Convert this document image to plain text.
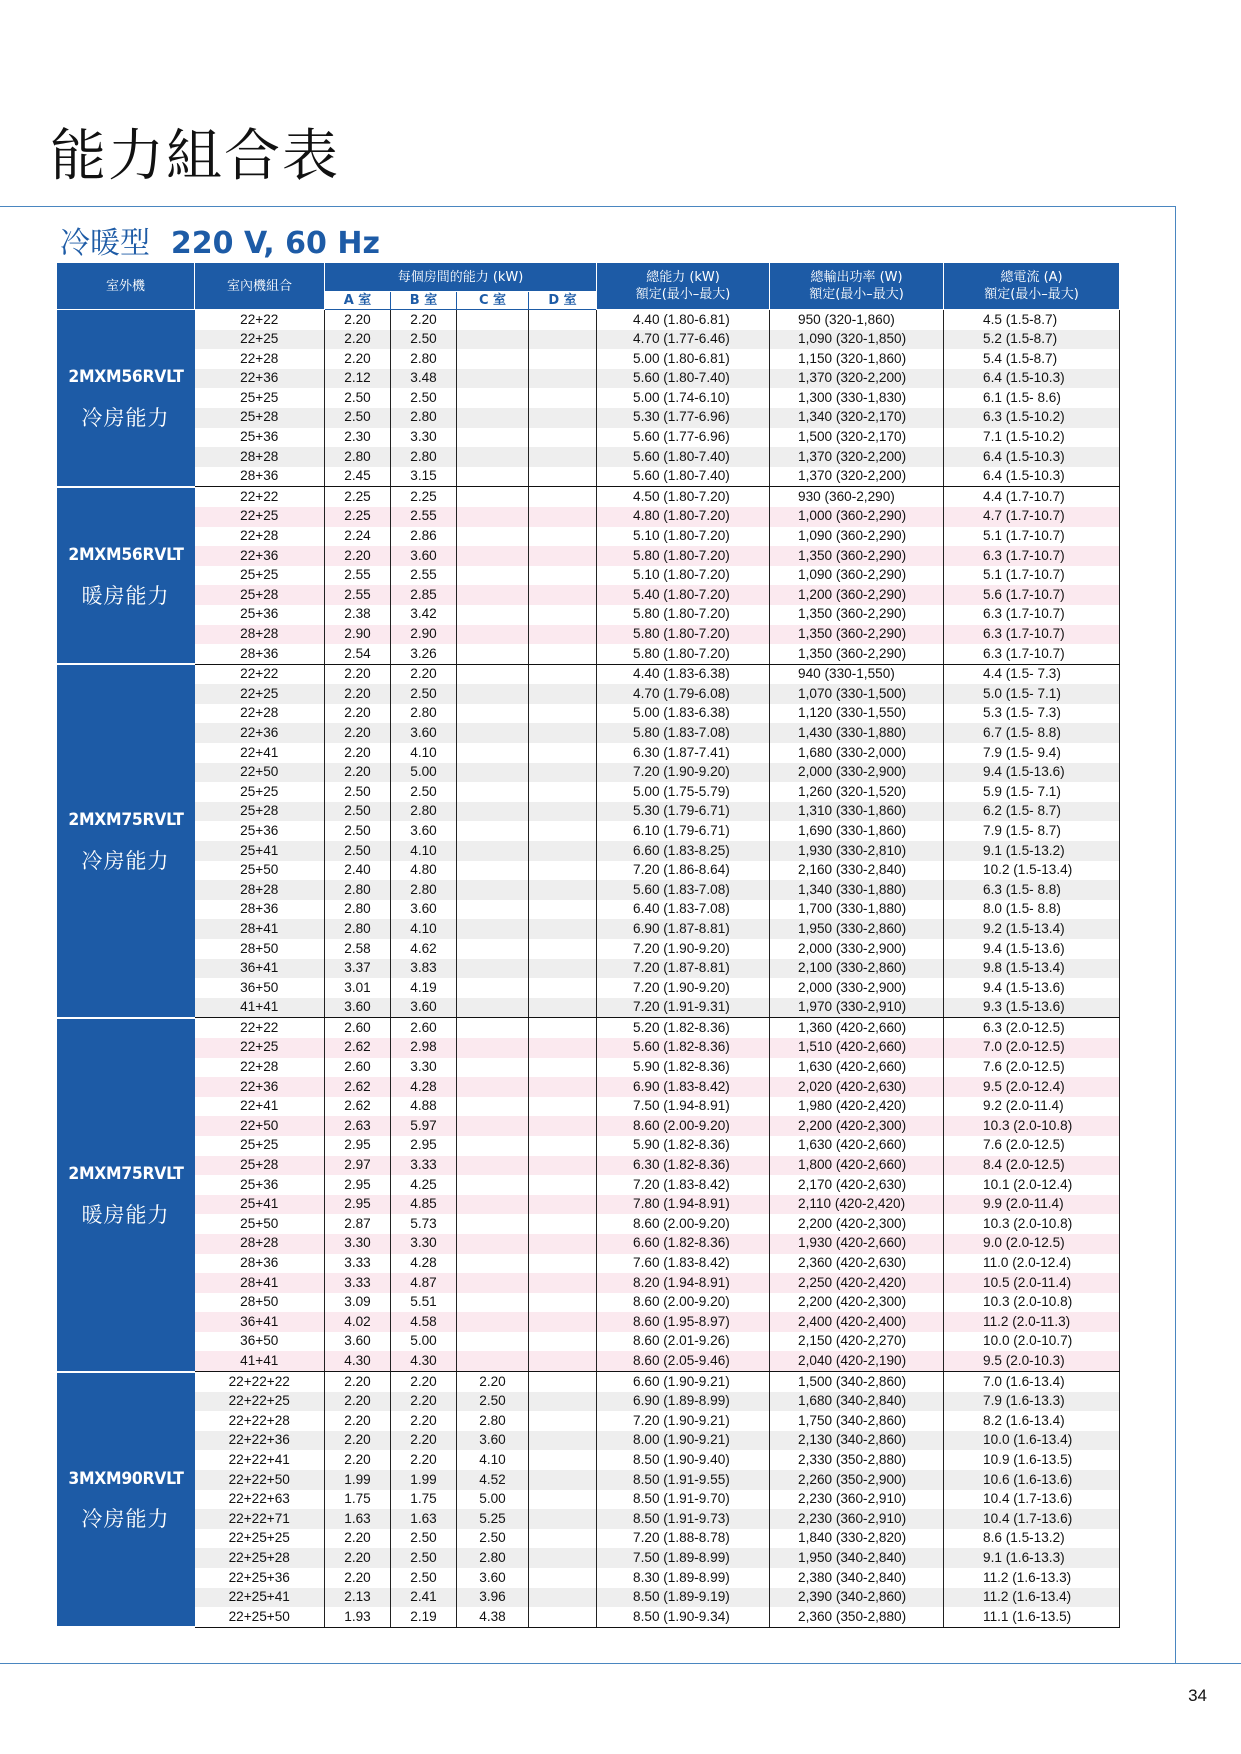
能力組合表
冷暖型 220 V, 60 Hz
室外機	室內機組合	每個房間的能力 (kW)				總能力 (kW)
額定(最小–最大)	總輸出功率 (W)
額定(最小–最大)	總電流 (A)
額定(最小–最大)
		A 室	B 室	C 室	D 室			

2MXM56RVLT
冷房能力	22+22	2.20	2.20			4.40 (1.80-6.81)	950 (320-1,860)	4.5 (1.5-8.7)
	22+25	2.20	2.50			4.70 (1.77-6.46)	1,090 (320-1,850)	5.2 (1.5-8.7)
	22+28	2.20	2.80			5.00 (1.80-6.81)	1,150 (320-1,860)	5.4 (1.5-8.7)
	22+36	2.12	3.48			5.60 (1.80-7.40)	1,370 (320-2,200)	6.4 (1.5-10.3)
	25+25	2.50	2.50			5.00 (1.74-6.10)	1,300 (330-1,830)	6.1 (1.5- 8.6)
	25+28	2.50	2.80			5.30 (1.77-6.96)	1,340 (320-2,170)	6.3 (1.5-10.2)
	25+36	2.30	3.30			5.60 (1.77-6.96)	1,500 (320-2,170)	7.1 (1.5-10.2)
	28+28	2.80	2.80			5.60 (1.80-7.40)	1,370 (320-2,200)	6.4 (1.5-10.3)
	28+36	2.45	3.15			5.60 (1.80-7.40)	1,370 (320-2,200)	6.4 (1.5-10.3)

2MXM56RVLT
暖房能力	22+22	2.25	2.25			4.50 (1.80-7.20)	930 (360-2,290)	4.4 (1.7-10.7)
	22+25	2.25	2.55			4.80 (1.80-7.20)	1,000 (360-2,290)	4.7 (1.7-10.7)
	22+28	2.24	2.86			5.10 (1.80-7.20)	1,090 (360-2,290)	5.1 (1.7-10.7)
	22+36	2.20	3.60			5.80 (1.80-7.20)	1,350 (360-2,290)	6.3 (1.7-10.7)
	25+25	2.55	2.55			5.10 (1.80-7.20)	1,090 (360-2,290)	5.1 (1.7-10.7)
	25+28	2.55	2.85			5.40 (1.80-7.20)	1,200 (360-2,290)	5.6 (1.7-10.7)
	25+36	2.38	3.42			5.80 (1.80-7.20)	1,350 (360-2,290)	6.3 (1.7-10.7)
	28+28	2.90	2.90			5.80 (1.80-7.20)	1,350 (360-2,290)	6.3 (1.7-10.7)
	28+36	2.54	3.26			5.80 (1.80-7.20)	1,350 (360-2,290)	6.3 (1.7-10.7)

2MXM75RVLT
冷房能力	22+22	2.20	2.20			4.40 (1.83-6.38)	940 (330-1,550)	4.4 (1.5- 7.3)
	22+25	2.20	2.50			4.70 (1.79-6.08)	1,070 (330-1,500)	5.0 (1.5- 7.1)
	22+28	2.20	2.80			5.00 (1.83-6.38)	1,120 (330-1,550)	5.3 (1.5- 7.3)
	22+36	2.20	3.60			5.80 (1.83-7.08)	1,430 (330-1,880)	6.7 (1.5- 8.8)
	22+41	2.20	4.10			6.30 (1.87-7.41)	1,680 (330-2,000)	7.9 (1.5- 9.4)
	22+50	2.20	5.00			7.20 (1.90-9.20)	2,000 (330-2,900)	9.4 (1.5-13.6)
	25+25	2.50	2.50			5.00 (1.75-5.79)	1,260 (320-1,520)	5.9 (1.5- 7.1)
	25+28	2.50	2.80			5.30 (1.79-6.71)	1,310 (330-1,860)	6.2 (1.5- 8.7)
	25+36	2.50	3.60			6.10 (1.79-6.71)	1,690 (330-1,860)	7.9 (1.5- 8.7)
	25+41	2.50	4.10			6.60 (1.83-8.25)	1,930 (330-2,810)	9.1 (1.5-13.2)
	25+50	2.40	4.80			7.20 (1.86-8.64)	2,160 (330-2,840)	10.2 (1.5-13.4)
	28+28	2.80	2.80			5.60 (1.83-7.08)	1,340 (330-1,880)	6.3 (1.5- 8.8)
	28+36	2.80	3.60			6.40 (1.83-7.08)	1,700 (330-1,880)	8.0 (1.5- 8.8)
	28+41	2.80	4.10			6.90 (1.87-8.81)	1,950 (330-2,860)	9.2 (1.5-13.4)
	28+50	2.58	4.62			7.20 (1.90-9.20)	2,000 (330-2,900)	9.4 (1.5-13.6)
	36+41	3.37	3.83			7.20 (1.87-8.81)	2,100 (330-2,860)	9.8 (1.5-13.4)
	36+50	3.01	4.19			7.20 (1.90-9.20)	2,000 (330-2,900)	9.4 (1.5-13.6)
	41+41	3.60	3.60			7.20 (1.91-9.31)	1,970 (330-2,910)	9.3 (1.5-13.6)

2MXM75RVLT
暖房能力	22+22	2.60	2.60			5.20 (1.82-8.36)	1,360 (420-2,660)	6.3 (2.0-12.5)
	22+25	2.62	2.98			5.60 (1.82-8.36)	1,510 (420-2,660)	7.0 (2.0-12.5)
	22+28	2.60	3.30			5.90 (1.82-8.36)	1,630 (420-2,660)	7.6 (2.0-12.5)
	22+36	2.62	4.28			6.90 (1.83-8.42)	2,020 (420-2,630)	9.5 (2.0-12.4)
	22+41	2.62	4.88			7.50 (1.94-8.91)	1,980 (420-2,420)	9.2 (2.0-11.4)
	22+50	2.63	5.97			8.60 (2.00-9.20)	2,200 (420-2,300)	10.3 (2.0-10.8)
	25+25	2.95	2.95			5.90 (1.82-8.36)	1,630 (420-2,660)	7.6 (2.0-12.5)
	25+28	2.97	3.33			6.30 (1.82-8.36)	1,800 (420-2,660)	8.4 (2.0-12.5)
	25+36	2.95	4.25			7.20 (1.83-8.42)	2,170 (420-2,630)	10.1 (2.0-12.4)
	25+41	2.95	4.85			7.80 (1.94-8.91)	2,110 (420-2,420)	9.9 (2.0-11.4)
	25+50	2.87	5.73			8.60 (2.00-9.20)	2,200 (420-2,300)	10.3 (2.0-10.8)
	28+28	3.30	3.30			6.60 (1.82-8.36)	1,930 (420-2,660)	9.0 (2.0-12.5)
	28+36	3.33	4.28			7.60 (1.83-8.42)	2,360 (420-2,630)	11.0 (2.0-12.4)
	28+41	3.33	4.87			8.20 (1.94-8.91)	2,250 (420-2,420)	10.5 (2.0-11.4)
	28+50	3.09	5.51			8.60 (2.00-9.20)	2,200 (420-2,300)	10.3 (2.0-10.8)
	36+41	4.02	4.58			8.60 (1.95-8.97)	2,400 (420-2,400)	11.2 (2.0-11.3)
	36+50	3.60	5.00			8.60 (2.01-9.26)	2,150 (420-2,270)	10.0 (2.0-10.7)
	41+41	4.30	4.30			8.60 (2.05-9.46)	2,040 (420-2,190)	9.5 (2.0-10.3)

3MXM90RVLT
冷房能力	22+22+22	2.20	2.20	2.20		6.60 (1.90-9.21)	1,500 (340-2,860)	7.0 (1.6-13.4)
	22+22+25	2.20	2.20	2.50		6.90 (1.89-8.99)	1,680 (340-2,840)	7.9 (1.6-13.3)
	22+22+28	2.20	2.20	2.80		7.20 (1.90-9.21)	1,750 (340-2,860)	8.2 (1.6-13.4)
	22+22+36	2.20	2.20	3.60		8.00 (1.90-9.21)	2,130 (340-2,860)	10.0 (1.6-13.4)
	22+22+41	2.20	2.20	4.10		8.50 (1.90-9.40)	2,330 (350-2,880)	10.9 (1.6-13.5)
	22+22+50	1.99	1.99	4.52		8.50 (1.91-9.55)	2,260 (350-2,900)	10.6 (1.6-13.6)
	22+22+63	1.75	1.75	5.00		8.50 (1.91-9.70)	2,230 (360-2,910)	10.4 (1.7-13.6)
	22+22+71	1.63	1.63	5.25		8.50 (1.91-9.73)	2,230 (360-2,910)	10.4 (1.7-13.6)
	22+25+25	2.20	2.50	2.50		7.20 (1.88-8.78)	1,840 (330-2,820)	8.6 (1.5-13.2)
	22+25+28	2.20	2.50	2.80		7.50 (1.89-8.99)	1,950 (340-2,840)	9.1 (1.6-13.3)
	22+25+36	2.20	2.50	3.60		8.30 (1.89-8.99)	2,380 (340-2,840)	11.2 (1.6-13.3)
	22+25+41	2.13	2.41	3.96		8.50 (1.89-9.19)	2,390 (340-2,860)	11.2 (1.6-13.4)
	22+25+50	1.93	2.19	4.38		8.50 (1.90-9.34)	2,360 (350-2,880)	11.1 (1.6-13.5)
34
